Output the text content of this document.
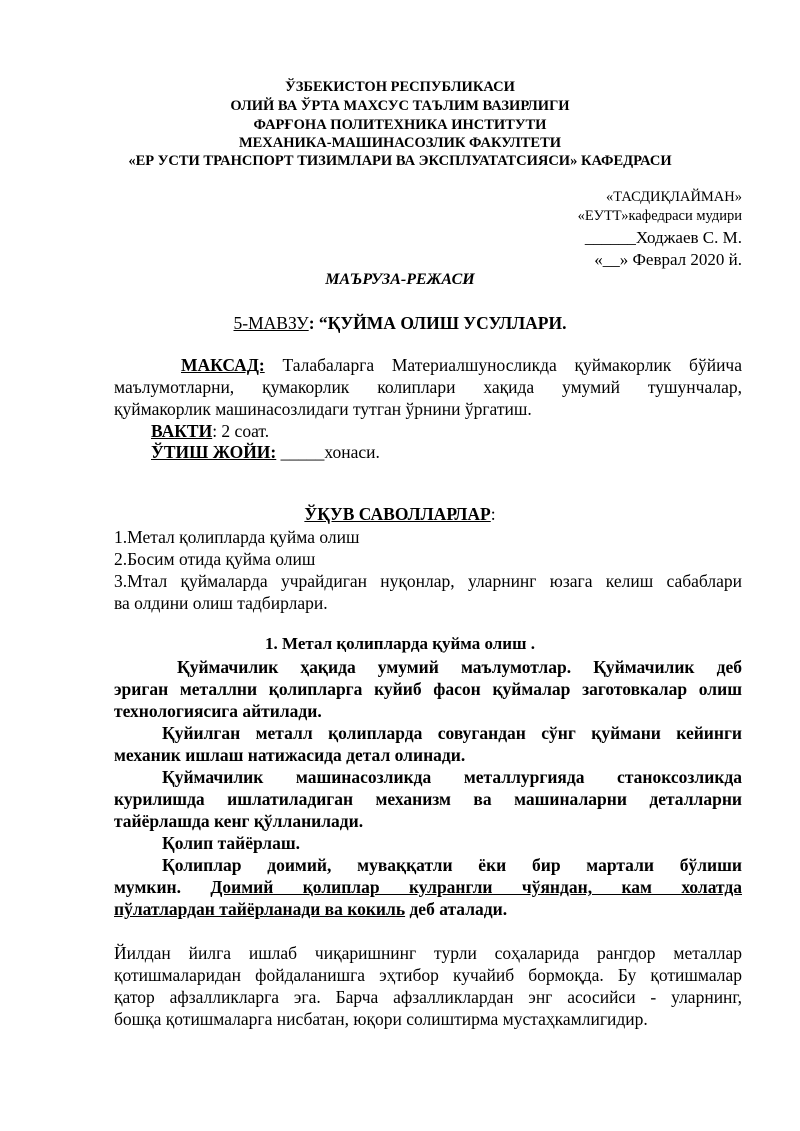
ЎЗБЕКИСТОН РЕСПУБЛИКАСИ
ОЛИЙ ВА ЎРТА МАХСУС ТАЪЛИМ ВАЗИРЛИГИ
ФАРҒОНА ПОЛИТЕХНИКА ИНСТИТУТИ
МЕХАНИКА-МАШИНАСОЗЛИК ФАКУЛТЕТИ
«ЕР УСТИ ТРАНСПОРТ ТИЗИМЛАРИ ВА ЭКСПЛУАТАТСИЯСИ» КАФЕДРАСИ
«ТАСДИҚЛАЙМАН»
«ЕУТТ»кафедраси мудири
______Ходжаев С. М.
«__» Феврал 2020 й.
МАЪРУЗА-РЕЖАСИ
5-МАВЗУ: “ҚУЙМА ОЛИШ УСУЛЛАРИ.
МАКСАД: Талабаларга Материалшуносликда қуймакорлик бўйича
маълумотларни, қумакорлик колиплари хақида умумий тушунчалар,
қуймакорлик машинасозлидаги тутган ўрнини ўргатиш.
ВАКТИ: 2 соат.
ЎТИШ ЖОЙИ: _____хонаси.
ЎҚУВ САВОЛЛАРЛАР:
1.Метал қолипларда қуйма олиш
2.Босим отида қуйма олиш
3.Мтал қуймаларда учрайдиган нуқонлар, уларнинг юзага келиш сабаблари
ва олдини олиш тадбирлари.
1. Метал қолипларда қуйма олиш .
Қуймачилик ҳақида умумий маълумотлар. Қуймачилик деб
эриган металлни қолипларга куйиб фасон қуймалар заготовкалар олиш
технологиясига айтилади.
Қуйилган металл қолипларда совугандан сўнг қуймани кейинги
механик ишлаш натижасида детал олинади.
Қуймачилик машинасозликда металлургияда станоксозликда
курилишда ишлатиладиган механизм ва машиналарни деталларни
тайёрлашда кенг қўлланилади.
Қолип тайёрлаш.
Қолиплар доимий, муваққатли ёки бир мартали бўлиши
мумкин. Доимий қолиплар кулрангли чўяндан, кам холатда
пўлатлардан тайёрланади ва кокиль деб аталади.
Йилдан йилга ишлаб чиқаришнинг турли соҳаларида рангдор металлар
қотишмаларидан фойдаланишга эҳтибор кучайиб бормоқда. Бу қотишмалар
қатор афзалликларга эга. Барча афзалликлардан энг асосийси - уларнинг,
бошқа қотишмаларга нисбатан, юқори солиштирма мустаҳкамлигидир.
